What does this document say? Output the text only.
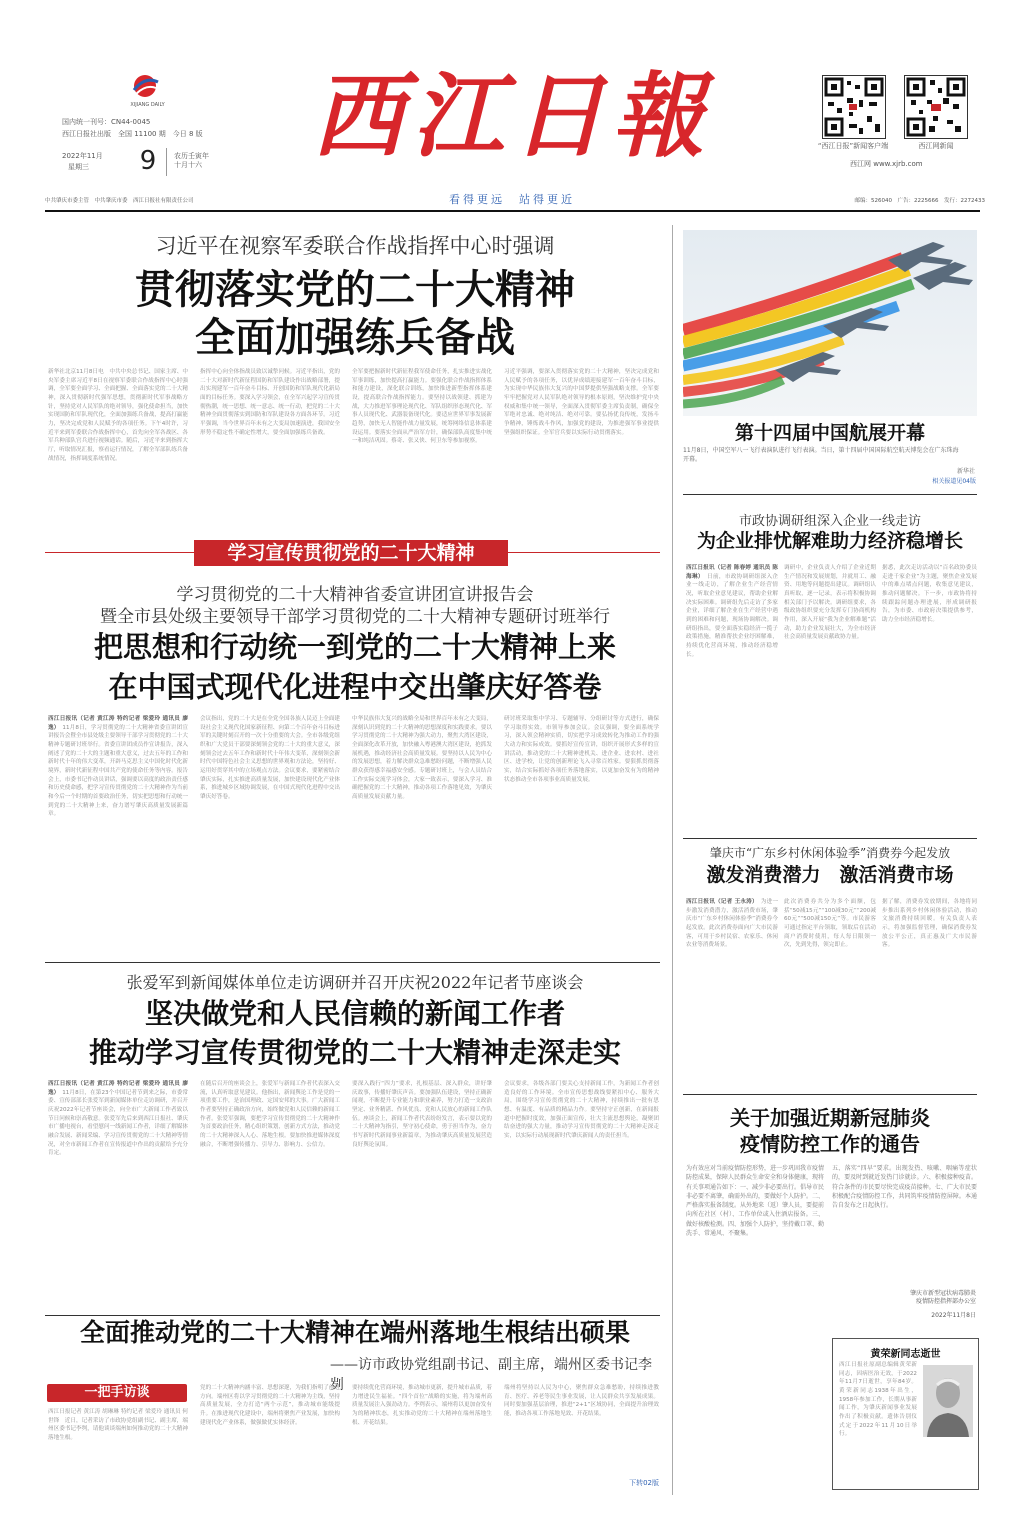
XIJIANG DAILY
国内统一刊号：CN44-0045
西江日报社出版　全国 11100 期　今日 8 版
2022年11月
星期三	9	农历壬寅年
十月十六 西江日報
看得更远　站得更近
“西江日报”新闻客户端	西江网新闻
西江网 www.xjrb.com
中共肇庆市委主管　中共肇庆市委　西江日报社有限责任公司	邮编：526040　广告：2225666　发行：2272433
习近平在视察军委联合作战指挥中心时强调
贯彻落实党的二十大精神
全面加强练兵备战
新华社北京11月8日电　中共中央总书记、国家主席、中央军委主席习近平8日在视察军委联合作战指挥中心时强调，全军要全面学习、全面把握、全面落实党的二十大精神，深入贯彻新时代强军思想，贯彻新时代军事战略方针，坚持党对人民军队的绝对领导，强化使命担当，加快实现国防和军队现代化，全面加强练兵备战，提高打赢能力，坚决完成党和人民赋予的各项任务。下午4时许，习近平来到军委联合作战指挥中心，首先向全军各战区、各军兵种部队官兵进行视频通话。随后，习近平来到指挥大厅，听取情况汇报，察看运行情况，了解全军部队练兵备战情况，指挥调度系统情况。
指挥中心向全体指战员致以诚挚问候。习近平指出，党的二十大对新时代新征程国防和军队建设作出战略部署，提出实现建军一百年奋斗目标、开创国防和军队现代化新局面的目标任务。要深入学习领会，在全军兴起学习宣传贯彻热潮，统一思想、统一意志、统一行动，把党的二十大精神全面贯彻落实到国防和军队建设各方面各环节。习近平强调，当今世界百年未有之大变局加速演进，我国安全形势不稳定性不确定性增大，要全面加强练兵备战。
全军要把握新时代新征程我军使命任务，扎实推进实战化军事训练，加快提高打赢能力。要强化联合作战指挥体系和能力建设，深化联合训练，加快推进新型指挥体系建设，提高联合作战指挥能力。要坚持以战领建、抓建为战，大力推进军事理论现代化、军队组织形态现代化、军事人员现代化、武器装备现代化。要适应世界军事发展新趋势，加快无人智能作战力量发展，统筹网络信息体系建设运用。要落实全面从严治军方针，确保部队高度集中统一和纯洁巩固。蔡奇、张又侠、何卫东等参加视察。
习近平强调，要深入贯彻落实党的二十大精神，坚决完成党和人民赋予的各项任务，以优异成绩迎接建军一百年奋斗目标，为实现中华民族伟大复兴的中国梦提供坚强战略支撑。全军要牢牢把握党对人民军队绝对领导的根本原则，坚决维护党中央权威和集中统一领导，全面深入贯彻军委主席负责制，确保全军绝对忠诚、绝对纯洁、绝对可靠。要弘扬优良传统，发扬斗争精神，锤炼战斗作风，加强党的建设，为推进强军事业提供坚强组织保证。全军官兵要以实际行动贯彻落实。
学习宣传贯彻党的二十大精神
学习贯彻党的二十大精神省委宣讲团宣讲报告会
暨全市县处级主要领导干部学习贯彻党的二十大精神专题研讨班举行
把思想和行动统一到党的二十大精神上来
在中国式现代化进程中交出肇庆好答卷
西江日报讯（记者 黄江涛 特约记者 梁爱玲 通讯员 廖逸）　11月8日，学习贯彻党的二十大精神省委宣讲团宣讲报告会暨全市县处级主要领导干部学习贯彻党的二十大精神专题研讨班举行。省委宣讲团成员作宣讲报告，深入阐述了党的二十大的主题和重大意义，过去五年的工作和新时代十年的伟大变革，开辟马克思主义中国化时代化新境界，新时代新征程中国共产党的使命任务等内容。报告会上，市委书记作动员讲话，强调要以高度的政治责任感和历史使命感，把学习宣传贯彻党的二十大精神作为当前和今后一个时期的首要政治任务，切实把思想和行动统一到党的二十大精神上来，奋力谱写肇庆高质量发展新篇章。
会议指出，党的二十大是在全党全国各族人民迈上全面建设社会主义现代化国家新征程、向第二个百年奋斗目标进军的关键时刻召开的一次十分重要的大会。全市各级党组织和广大党员干部要深刻领会党的二十大的重大意义，深刻领会过去五年工作和新时代十年伟大变革，深刻领会新时代中国特色社会主义思想的世界观和方法论，坚持好、运用好贯穿其中的立场观点方法。会议要求，要紧密结合肇庆实际，扎实推进高质量发展，加快建设现代化产业体系，推进城乡区域协调发展，在中国式现代化进程中交出肇庆好答卷。
中华民族伟大复兴的战略全局和世界百年未有之大变局，深刻认识到党的二十大精神的思想深度和实践要求。要以学习贯彻党的二十大精神为强大动力，聚焦大湾区建设，全面深化改革开放，加快融入粤港澳大湾区建设，抢抓发展机遇，推动经济社会高质量发展。要坚持以人民为中心的发展思想，着力解决群众急难愁盼问题，不断增强人民群众获得感幸福感安全感。专题研讨班上，与会人员结合工作实际交流学习体会，大家一致表示，要深入学习、准确把握党的二十大精神，推动各项工作落地见效，为肇庆高质量发展贡献力量。
研讨班采取集中学习、专题辅导、分组研讨等方式进行，确保学习取得实效。市领导参加会议。会议强调，要全面系统学习，深入领会精神实质，切实把学习成效转化为推动工作的强大动力和实际成效。要抓好宣传宣讲，组织开展形式多样的宣讲活动，推动党的二十大精神进机关、进企业、进农村、进社区、进学校，让党的创新理论飞入寻常百姓家。要狠抓贯彻落实，结合实际抓好各项任务落地落实，以更加奋发有为的精神状态推动全市各项事业高质量发展。
张爱军到新闻媒体单位走访调研并召开庆祝2022年记者节座谈会
坚决做党和人民信赖的新闻工作者
推动学习宣传贯彻党的二十大精神走深走实
西江日报讯（记者 黄江涛 特约记者 梁爱玲 通讯员 廖逸）　11月8日，在第23个中国记者节到来之际，市委常委、宣传部部长张爱军到新闻媒体单位走访调研，并召开庆祝2022年记者节座谈会，向全市广大新闻工作者致以节日问候和崇高敬意。张爱军先后来到西江日报社、肇庆市广播电视台，看望慰问一线新闻工作者，详细了解媒体融合发展、新闻采编、学习宣传贯彻党的二十大精神等情况，对全市新闻工作者在宣传报道中作出的贡献给予充分肯定。
在随后召开的座谈会上，张爱军与新闻工作者代表深入交流，认真听取意见建议。他指出，新闻舆论工作是党的一项重要工作，是治国理政、定国安邦的大事。广大新闻工作者要坚持正确政治方向，始终做党和人民信赖的新闻工作者。张爱军强调，要把学习宣传贯彻党的二十大精神作为首要政治任务，精心组织策划，创新方式方法，推动党的二十大精神深入人心、落地生根。要加快推进媒体深度融合，不断增强传播力、引导力、影响力、公信力。
要深入践行“四力”要求，扎根基层、深入群众，讲好肇庆故事，传播好肇庆声音。要加强队伍建设，坚持正确新闻观，不断提升专业能力和职业素养，努力打造一支政治坚定、业务精湛、作风优良、党和人民放心的新闻工作队伍。座谈会上，新闻工作者代表纷纷发言，表示要以党的二十大精神为指引，坚守初心使命，勇于担当作为，奋力书写新时代新闻事业新篇章，为推动肇庆高质量发展营造良好舆论氛围。
会议要求，各级各部门要关心支持新闻工作，为新闻工作者创造良好的工作环境。全市宣传思想战线要紧扣中心、服务大局，围绕学习宣传贯彻党的二十大精神，持续推出一批有思想、有温度、有品质的精品力作。要坚持守正创新，在新闻报道中把握时度效，加强正面宣传，壮大主流思想舆论，凝聚团结奋进的强大力量，推动学习宣传贯彻党的二十大精神走深走实，以实际行动展现新时代肇庆新闻人的责任担当。
全面推动党的二十大精神在端州落地生根结出硕果
——访市政协党组副书记、副主席，端州区委书记李刿
一把手访谈
西江日报记者 黄江涛 胡琳琳 特约记者 梁爱玲 通讯员 何世锋　近日，记者采访了市政协党组副书记、副主席，端州区委书记李刿，请他谈谈端州如何推动党的二十大精神落地生根。
党的二十大精神内涵丰富、思想深邃，为我们指明了前进方向。端州区将以学习贯彻党的二十大精神为主线，坚持高质量发展，全力打造“两个示范”，推动城市能级提升。在推进现代化建设中，端州将聚焦产业发展，加快构建现代化产业体系，做强做优实体经济。
要持续优化营商环境，推动城市更新，提升城市品质，着力增进民生福祉。“四个首位”战略的实施，将为端州高质量发展注入强劲动力。李刿表示，端州将以更加奋发有为的精神状态，扎实推动党的二十大精神在端州落地生根、开花结果。
端州将坚持以人民为中心，聚焦群众急难愁盼，持续推进教育、医疗、养老等民生事业发展，让人民群众共享发展成果。同时要加强基层治理，推进“2+1”区域协同，全面提升治理效能，推动各项工作落地见效、开花结果。
下转02版
第十四届中国航展开幕
11月8日，中国空军八一飞行表演队进行飞行表演。当日，第十四届中国国际航空航天博览会在广东珠海开幕。
新华社
相关报道见04版
市政协调研组深入企业一线走访
为企业排忧解难助力经济稳增长
西江日报讯（记者 陈春婷 通讯员 陈海琳）　日前，市政协调研组深入企业一线走访，了解企业生产经营情况，听取企业意见建议，帮助企业解决实际困难。调研组先后走访了多家企业，详细了解企业在生产经营中遇到的困难和问题，现场协调解决。调研组指出，要全面落实稳经济一揽子政策措施，精准帮扶企业纾困解难，持续优化营商环境，推动经济稳增长。
调研中，企业负责人介绍了企业近期生产情况和发展规划，并就用工、融资、用地等问题提出建议。调研组认真听取，逐一记录，表示将积极协调相关部门予以解决。调研组要求，各级政协组织要充分发挥专门协商机构作用，深入开展“我为企业解难题”活动，助力企业发展壮大，为全市经济社会高质量发展贡献政协力量。
据悉，此次走访活动以“百名政协委员走进千家企业”为主题，聚焦企业发展中的难点堵点问题，收集意见建议，推动问题解决。下一步，市政协将持续跟踪问题办理进展，形成调研报告，为市委、市政府决策提供参考，助力全市经济稳增长。
肇庆市“广东乡村休闲体验季”消费券今起发放
激发消费潜力　激活消费市场
西江日报讯（记者 王永涛）　为进一步激发消费潜力，激活消费市场，肇庆市“广东乡村休闲体验季”消费券今起发放。此次消费券面向广大市民游客，可用于乡村民宿、农家乐、休闲农业等消费场景。
此次消费券共分为多个面额，包括“50减15元”“100减30元”“200减60元”“500减150元”等。市民游客可通过指定平台领取，领取后在活动商户消费时使用，每人每日限领一次，先到先得，领完即止。
据了解，消费券发放期间，各地将同步推出系列乡村休闲体验活动，推动文旅消费持续回暖。有关负责人表示，将加强监督管理，确保消费券发放公平公正，真正惠及广大市民游客。
关于加强近期新冠肺炎
疫情防控工作的通告
为有效应对当前疫情防控形势，进一步巩固我市疫情防控成果，保障人民群众生命安全和身体健康，现将有关事项通告如下：一、减少非必要出行。倡导市民非必要不离肇，确需外出的，要做好个人防护。二、严格落实报备制度。从外地来（返）肇人员，要提前向所在社区（村）、工作单位或入住酒店报备。三、做好核酸检测。四、加强个人防护，坚持戴口罩、勤洗手、常通风、不聚集。
五、落实“四早”要求。出现发热、咳嗽、咽痛等症状的，要及时到就近发热门诊就诊。六、积极接种疫苗。符合条件的市民要尽快完成疫苗接种。七、广大市民要积极配合疫情防控工作，共同筑牢疫情防控屏障。本通告自发布之日起执行。
肇庆市新型冠状病毒肺炎
疫情防控指挥部办公室
2022年11月8日
黄荣新同志逝世
西江日报社原副总编辑黄荣新同志，因病医治无效，于2022年11月7日逝世，享年84岁。黄荣新同志1938年出生，1958年参加工作，长期从事新闻工作，为肇庆新闻事业发展作出了积极贡献。遗体告别仪式定于2022年11月10日举行。
